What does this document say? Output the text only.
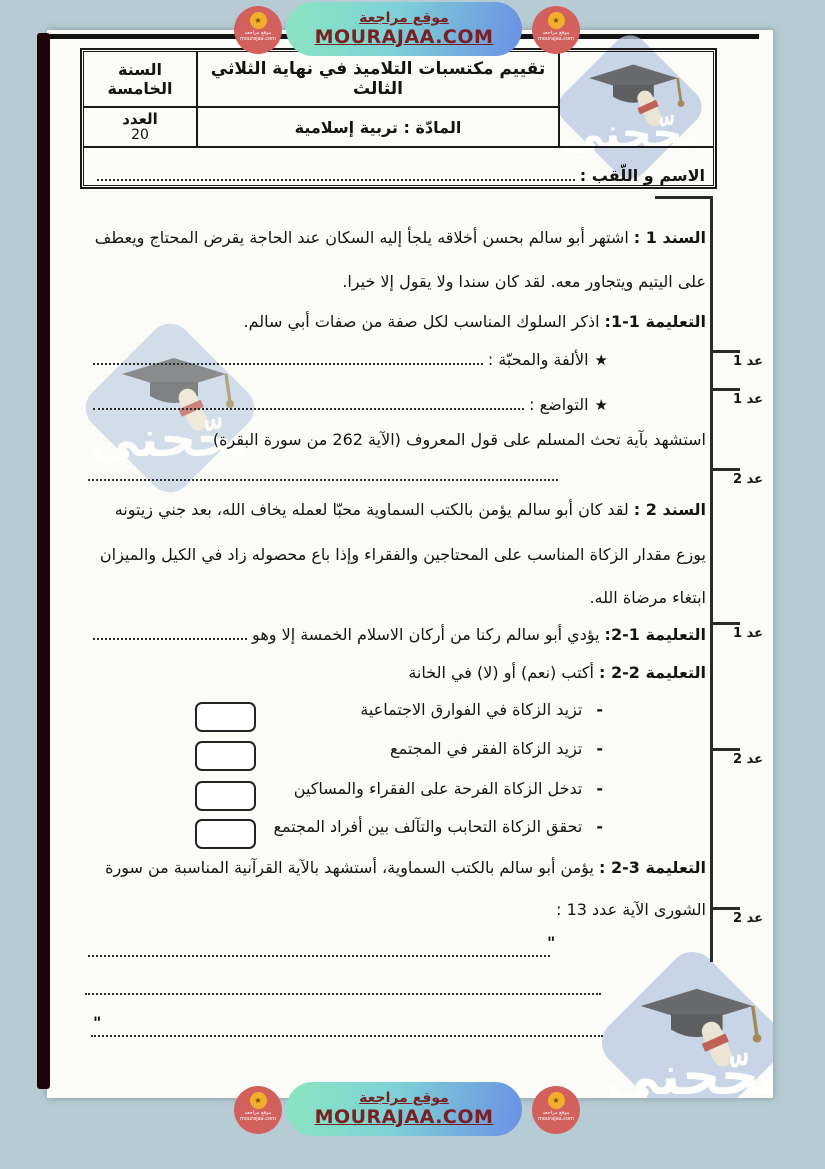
★
موقع مراجعة
mourajaa.com
موقع مراجعة
MOURAJAA.COM
★
موقع مراجعة
mourajaa.com
السنة الخامسة
العدد
20
تقييم مكتسبات التلاميذ في نهاية الثلاثي الثالث
المادّة : تربية إسلامية
الاسم و اللّقب :
عد 1
عد 1
عد 2
عد 1
عد 2
عد 2
السند 1 :اشتهر أبو سالم بحسن أخلاقه يلجأ إليه السكان عند الحاجة يقرض المحتاج ويعطف
على اليتيم ويتجاور معه. لقد كان سندا ولا يقول إلا خيرا.
التعليمة 1-1:اذكر السلوك المناسب لكل صفة من صفات أبي سالم.
★
الألفة والمحبّة :
★
التواضع :
استشهد بآية تحث المسلم على قول المعروف (الآية 262 من سورة البقرة)
السند 2 :لقد كان أبو سالم يؤمن بالكتب السماوية محبّا لعمله يخاف الله، بعد جني زيتونه
يوزع مقدار الزكاة المناسب على المحتاجين والفقراء وإذا باع محصوله زاد في الكيل والميزان
ابتغاء مرضاة الله.
التعليمة 1-2:
يؤدي أبو سالم ركنا من أركان الاسلام الخمسة إلا وهو
التعليمة 2-2 :أكتب (نعم) أو (لا) في الخانة
-تزيد الزكاة في الفوارق الاجتماعية
-تزيد الزكاة الفقر في المجتمع
-تدخل الزكاة الفرحة على الفقراء والمساكين
-تحقق الزكاة التحابب والتآلف بين أفراد المجتمع
التعليمة 3-2 :يؤمن أبو سالم بالكتب السماوية، أستشهد بالآية القرآنية المناسبة من سورة
الشورى الآية عدد 13 :
"
"
★
موقع مراجعة
mourajaa.com
موقع مراجعة
MOURAJAA.COM
★
موقع مراجعة
mourajaa.com
